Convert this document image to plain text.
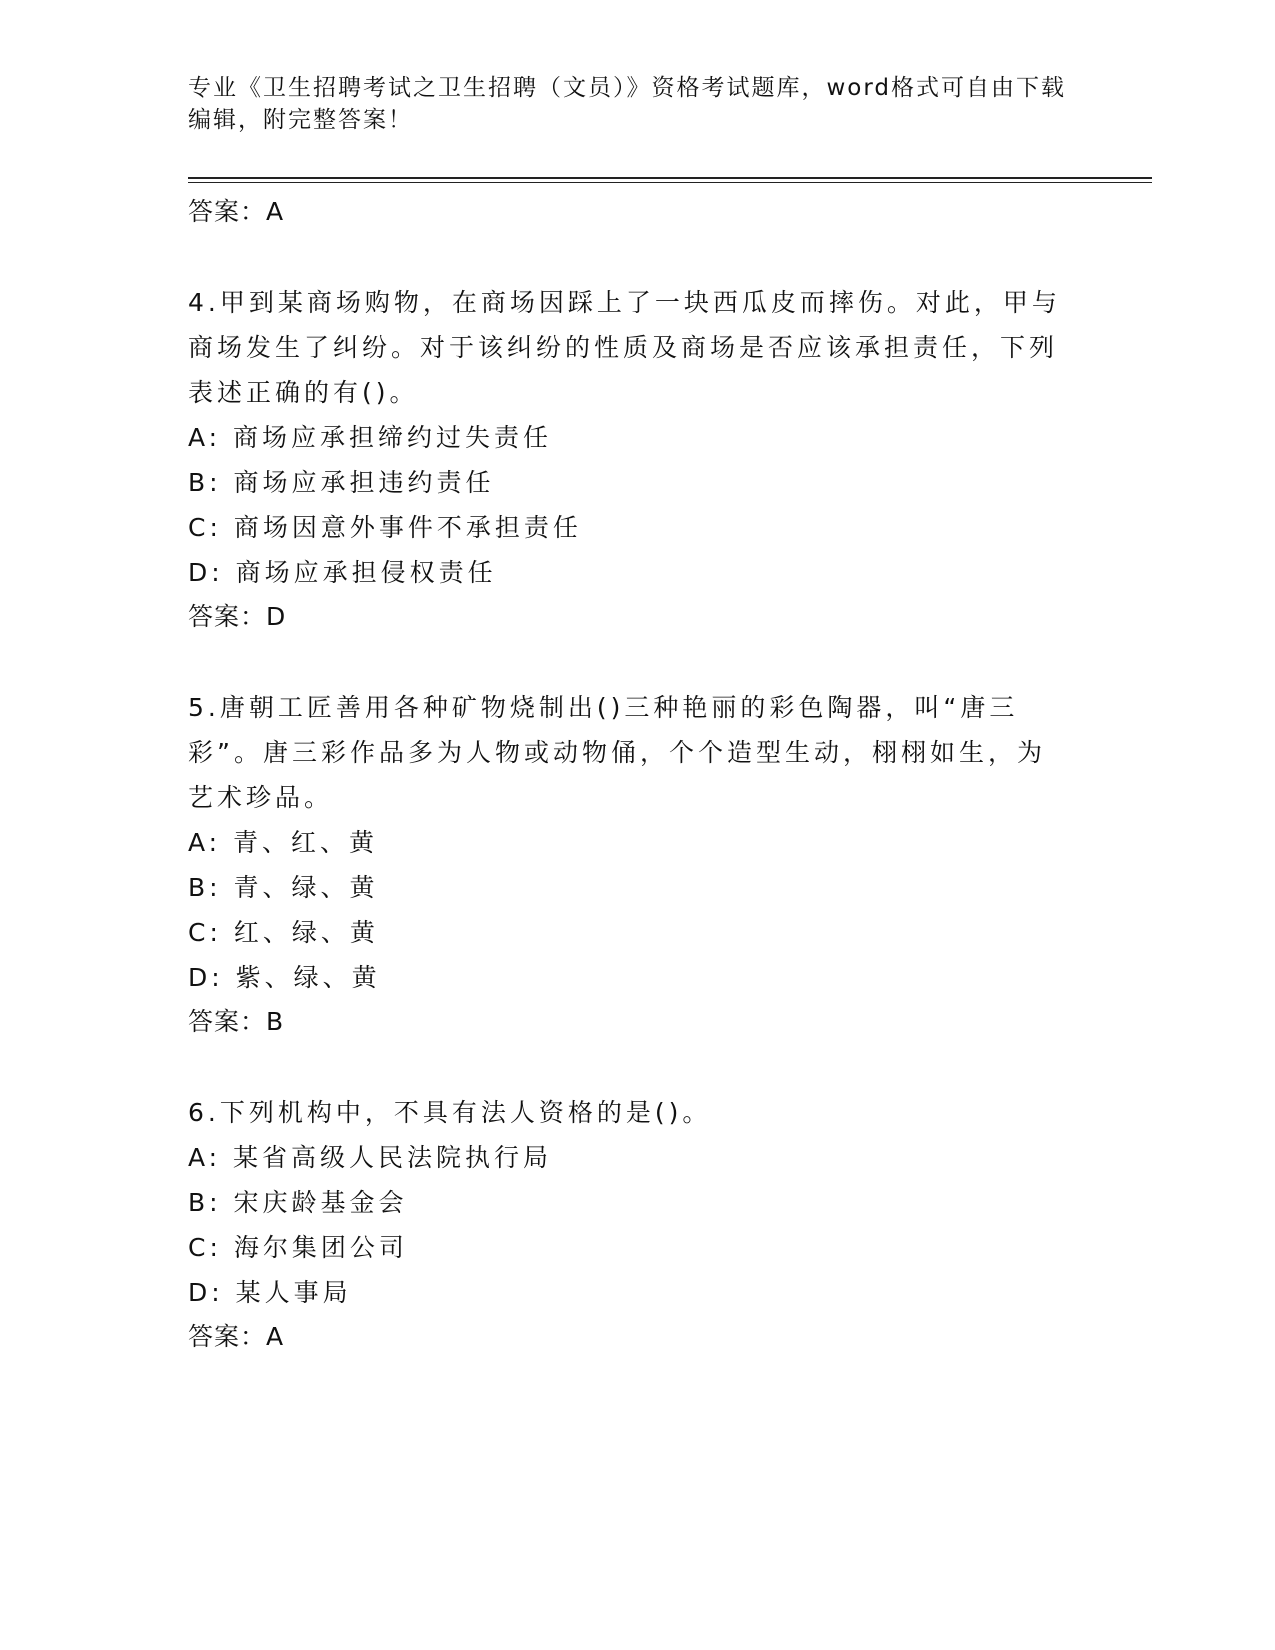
专业《卫生招聘考试之卫生招聘（文员）》资格考试题库，word格式可自由下载编辑，附完整答案！
答案：A
4.甲到某商场购物，在商场因踩上了一块西瓜皮而摔伤。对此，甲与商场发生了纠纷。对于该纠纷的性质及商场是否应该承担责任，下列表述正确的有()。
A: 商场应承担缔约过失责任
B: 商场应承担违约责任
C: 商场因意外事件不承担责任
D: 商场应承担侵权责任
答案：D
5.唐朝工匠善用各种矿物烧制出()三种艳丽的彩色陶器，叫“唐三彩”。唐三彩作品多为人物或动物俑，个个造型生动，栩栩如生，为艺术珍品。
A: 青、红、黄
B: 青、绿、黄
C: 红、绿、黄
D: 紫、绿、黄
答案：B
6.下列机构中，不具有法人资格的是()。
A: 某省高级人民法院执行局
B: 宋庆龄基金会
C: 海尔集团公司
D: 某人事局
答案：A
